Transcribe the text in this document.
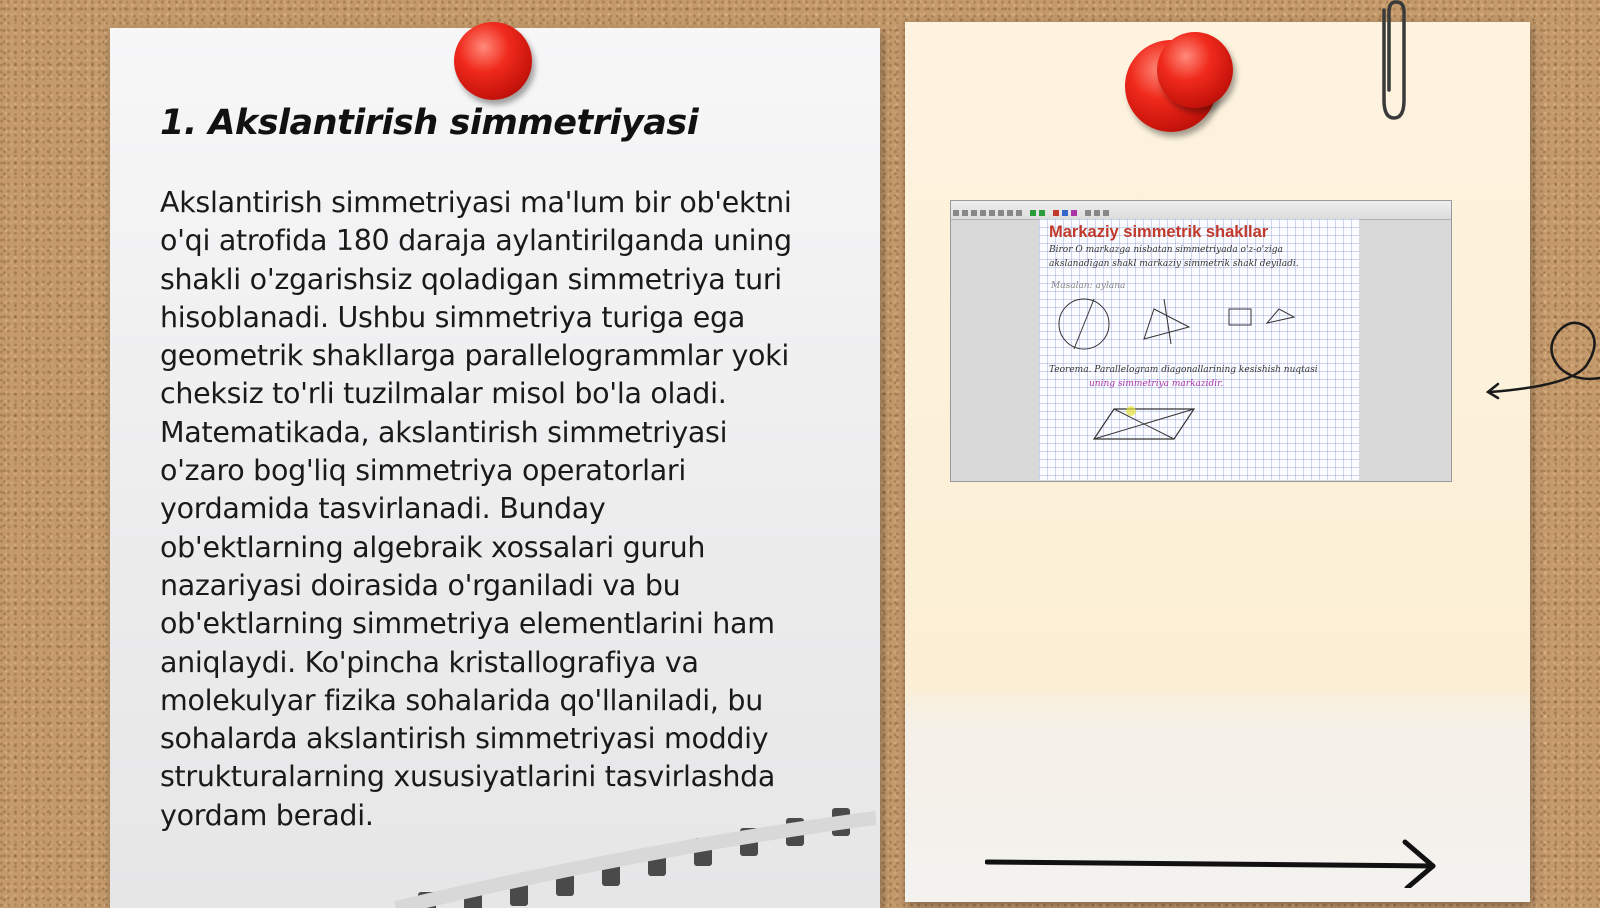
1. Akslantirish simmetriyasi
Akslantirish simmetriyasi ma'lum bir ob'ektni
o'qi atrofida 180 daraja aylantirilganda uning
shakli o'zgarishsiz qoladigan simmetriya turi
hisoblanadi. Ushbu simmetriya turiga ega
geometrik shakllarga parallelogrammlar yoki
cheksiz to'rli tuzilmalar misol bo'la oladi.
Matematikada, akslantirish simmetriyasi
o'zaro bog'liq simmetriya operatorlari
yordamida tasvirlanadi. Bunday
ob'ektlarning algebraik xossalari guruh
nazariyasi doirasida o'rganiladi va bu
ob'ektlarning simmetriya elementlarini ham
aniqlaydi. Ko'pincha kristallografiya va
molekulyar fizika sohalarida qo'llaniladi, bu
sohalarda akslantirish simmetriyasi moddiy
strukturalarning xususiyatlarini tasvirlashda
yordam beradi.

Markaziy simmetrik shakllar
Biror O markazga nisbatan simmetriyada o'z-o'ziga
akslanadigan shakl markaziy simmetrik shakl deyiladi.
Masalan: aylana
Teorema. Parallelogram diagonallarining kesishish nuqtasi
uning simmetriya markazidir.
